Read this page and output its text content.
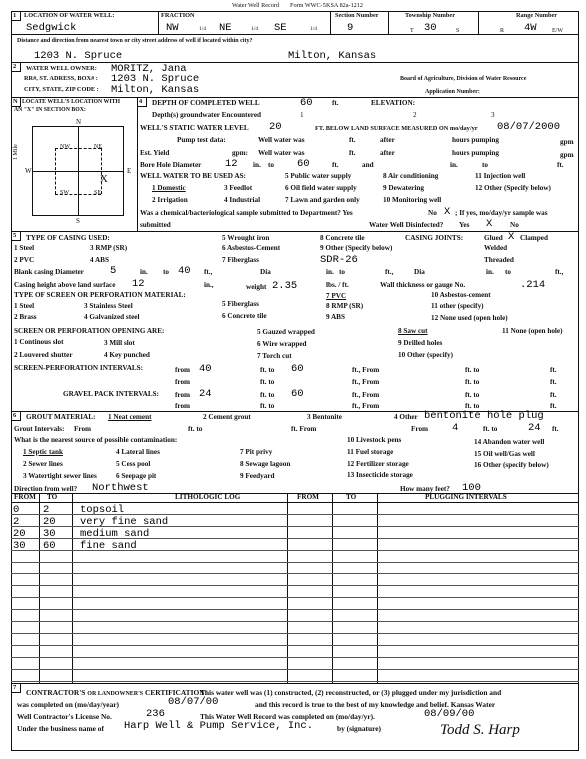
Water Well Record Form WWC-5 KSA 82a-1212
1 LOCATION OF WATER WELL:
Sedgwick
FRACTION
NW	1/4 NE	1/4 SE	1/4
Section Number
9
Township Number
T 30	S
Range Number
R 4W	E/W
Distance and direction from nearest town or city street address of well if located within city?
1203 N. Spruce	Milton, Kansas
2 WATER WELL OWNER: MORITZ, Jana
RR#, ST. ADRESS, BOX# : 1203 N. Spruce
CITY, STATE, ZIP CODE : Milton, Kansas
Board of Agriculture, Division of Water Resource
Application Number:
N LOCATE WELL'S LOCATION WITH
AN "X" IN SECTION BOX:
N
S
E
W
NW	NE
SW	SE
1 Mile
X
4 DEPTH OF COMPLETED WELL	60	ft.	ELEVATION:
Depth(s) groundwater Encountered	1	2	3
WELL'S STATIC WATER LEVEL 20	FT. BELOW LAND SURFACE MEASURED ON mo/day/yr 08/07/2000
Pump test data:	Well water was	ft.	after	hours pumping	gpm
Est. Yield	gpm: Well water was	ft.	after	hours pumping	gpm
Bore Hole Diameter 12 in. to 60	ft.	and	in.	to	ft.
WELL WATER TO BE USED AS:
1 Domestic
2 Irrigation
3 Feedlot
4 Industrial
5 Public water supply
6 Oil field water supply
7 Lawn and garden only
8 Air conditioning
9 Dewatering
10 Monitoring well
11 Injection well
12 Other (Specify below)
Was a chemical/bacteriological sample submitted to Department? Yes	No X ; If yes, mo/day/yr sample was
submitted	Water Well Disinfected? Yes X No
5 TYPE OF CASING USED:
1 Steel
2 PVC
3 RMP (SR)
4 ABS
5 Wrought iron
6 Asbestos-Cement
7 Fiberglass
8 Concrete tile
9 Other (Specify below)
CASING JOINTS:	Glued X Clamped
Welded
Threaded
SDR-26
Blank casing Diameter 5	in. to 40 ft.,	Dia	in. to	ft.,	Dia	in. to	ft.,
Casing height above land surface 12	in.,	weight 2.35	lbs. / ft.	Wall thickness or gauge No.	.214
TYPE OF SCREEN OR PERFORATION MATERIAL:
1 Steel
2 Brass
3 Stainless Steel
4 Galvanized steel
5 Fiberglass
6 Concrete tile
7 PVC
8 RMP (SR)
9 ABS
10 Asbestos-cement
11 other (specify)
12 None used (open hole)
SCREEN OR PERFORATION OPENING ARE:
1 Continous slot
2 Louvered shutter
3 Mill slot
4 Key punched
5 Gauzed wrapped
6 Wire wrapped
7 Torch cut
8 Saw cut
9 Drilled holes
10 Other (specify)
11 None (open hole)
SCREEN-PERFORATION INTERVALS:	from 40	ft. to 60	ft., From	ft. to	ft.
from	ft. to	ft., From	ft. to	ft.
GRAVEL PACK INTERVALS: from 24	ft. to 60	ft., From	ft. to	ft.
from	ft. to	ft., From	ft. to	ft.
6 GROUT MATERIAL: 1 Neat cement	2 Cement grout	3 Bentonite	4 Other bentonite hole plug
Grout Intervals: From	ft. to	ft. From	From 4	ft. to	24 ft.
What is the nearest source of possible contamination:
1 Septic tank
2 Sewer lines
3 Watertight sewer lines
4 Lateral lines
5 Cess pool
6 Seepage pit
7 Pit privy
8 Sewage lagoon
9 Feedyard
10 Livestock pens
11 Fuel storage
12 Fertilizer storage
13 Insecticide storage
14 Abandon water well
15 Oil well/Gas well
16 Other (specify below)
Direction from well? Northwest	How many feet? 100
FROM TO	LITHOLOGIC LOG	FROM	TO	PLUGGING INTERVALS
0 2	topsoil
2 20 very fine sand
20 30 medium sand
30 60 fine sand
7
CONTRACTOR'S OR LANDOWNER'S CERTIFICATION:
This water well was (1) constructed, (2) reconstructed, or (3) plugged under my jurisdiction and
was completed on (mo/day/year)	08/07/00	and this record is true to the best of my knowledge and belief. Kansas Water
Well Contractor's License No.	236	This Water Well Record was completed on (mo/day/yr).	08/09/00
Under the business name of Harp Well & Pump Service, Inc.	by (signature)	Todd S. Harp
